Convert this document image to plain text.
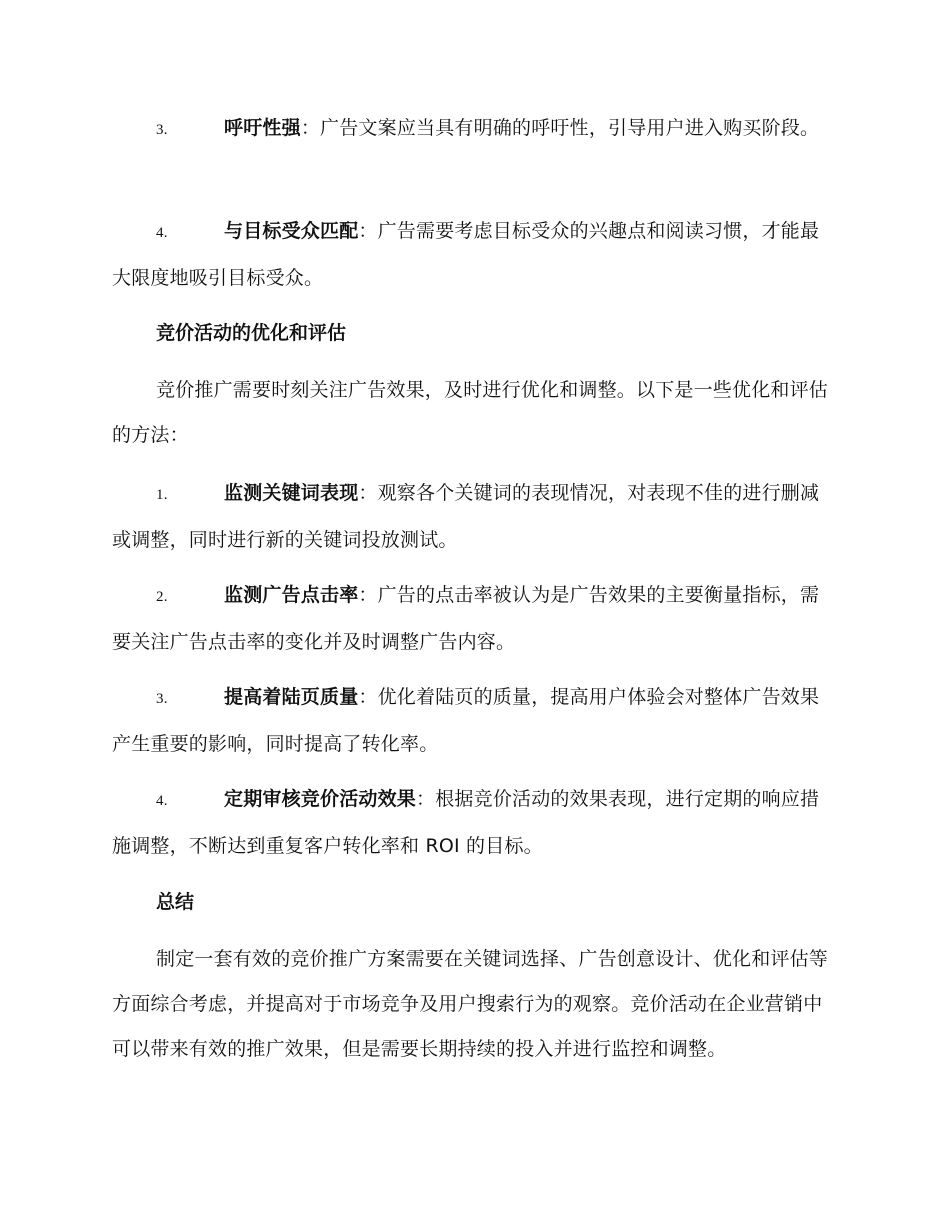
3.	呼吁性强：广告文案应当具有明确的呼吁性，引导用户进入购买阶段。
4.	与目标受众匹配：广告需要考虑目标受众的兴趣点和阅读习惯，才能最大限度地吸引目标受众。
竞价活动的优化和评估
竞价推广需要时刻关注广告效果，及时进行优化和调整。以下是一些优化和评估的方法：
1.	监测关键词表现：观察各个关键词的表现情况，对表现不佳的进行删减或调整，同时进行新的关键词投放测试。
2.	监测广告点击率：广告的点击率被认为是广告效果的主要衡量指标，需要关注广告点击率的变化并及时调整广告内容。
3.	提高着陆页质量：优化着陆页的质量，提高用户体验会对整体广告效果产生重要的影响，同时提高了转化率。
4.	定期审核竞价活动效果：根据竞价活动的效果表现，进行定期的响应措施调整，不断达到重复客户转化率和 ROI 的目标。
总结
制定一套有效的竞价推广方案需要在关键词选择、广告创意设计、优化和评估等方面综合考虑，并提高对于市场竞争及用户搜索行为的观察。竞价活动在企业营销中可以带来有效的推广效果，但是需要长期持续的投入并进行监控和调整。
